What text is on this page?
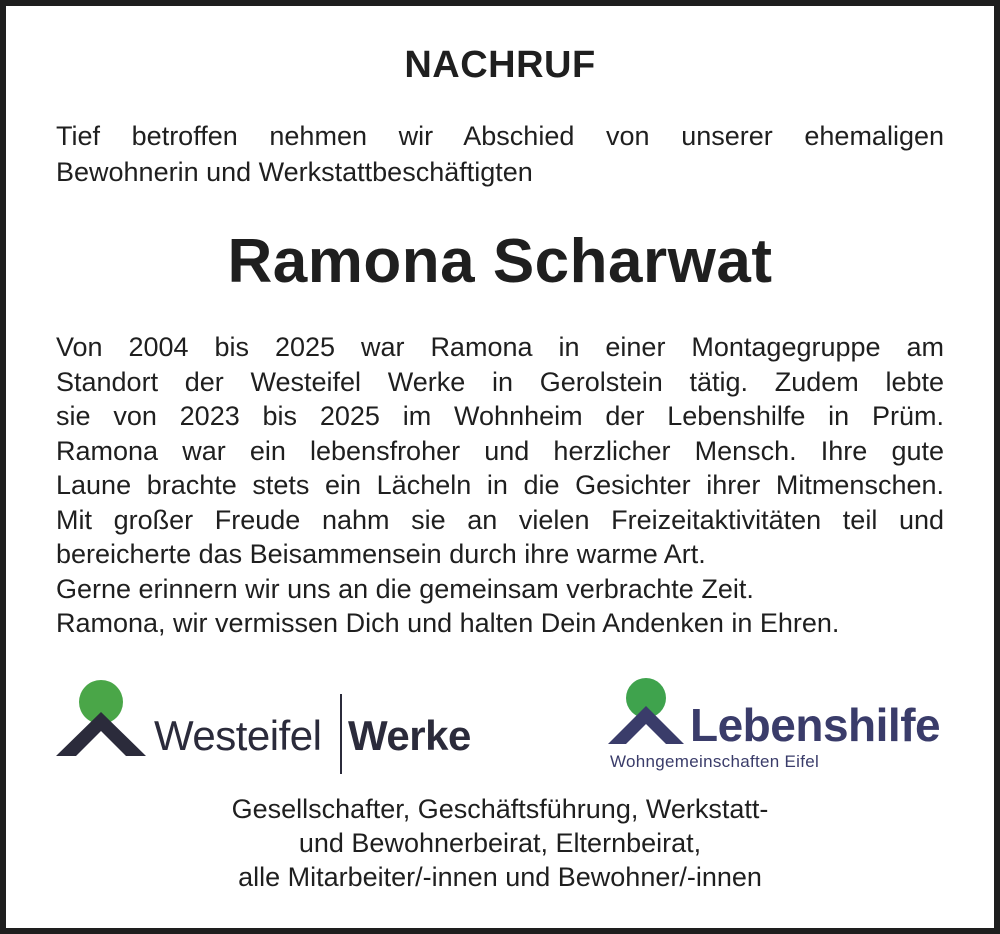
NACHRUF
Tief betroffen nehmen wir Abschied von unserer ehemaligen
Bewohnerin und Werkstattbeschäftigten
Ramona Scharwat
Von 2004 bis 2025 war Ramona in einer Montagegruppe am
Standort der Westeifel Werke in Gerolstein tätig. Zudem lebte
sie von 2023 bis 2025 im Wohnheim der Lebenshilfe in Prüm.
Ramona war ein lebensfroher und herzlicher Mensch. Ihre gute
Laune brachte stets ein Lächeln in die Gesichter ihrer Mitmenschen.
Mit großer Freude nahm sie an vielen Freizeitaktivitäten teil und
bereicherte das Beisammensein durch ihre warme Art.
Gerne erinnern wir uns an die gemeinsam verbrachte Zeit.
Ramona, wir vermissen Dich und halten Dein Andenken in Ehren.
Westeifel Werke	Lebenshilfe
Wohngemeinschaften Eifel
Gesellschafter, Geschäftsführung, Werkstatt-
und Bewohnerbeirat, Elternbeirat,
alle Mitarbeiter/-innen und Bewohner/-innen
